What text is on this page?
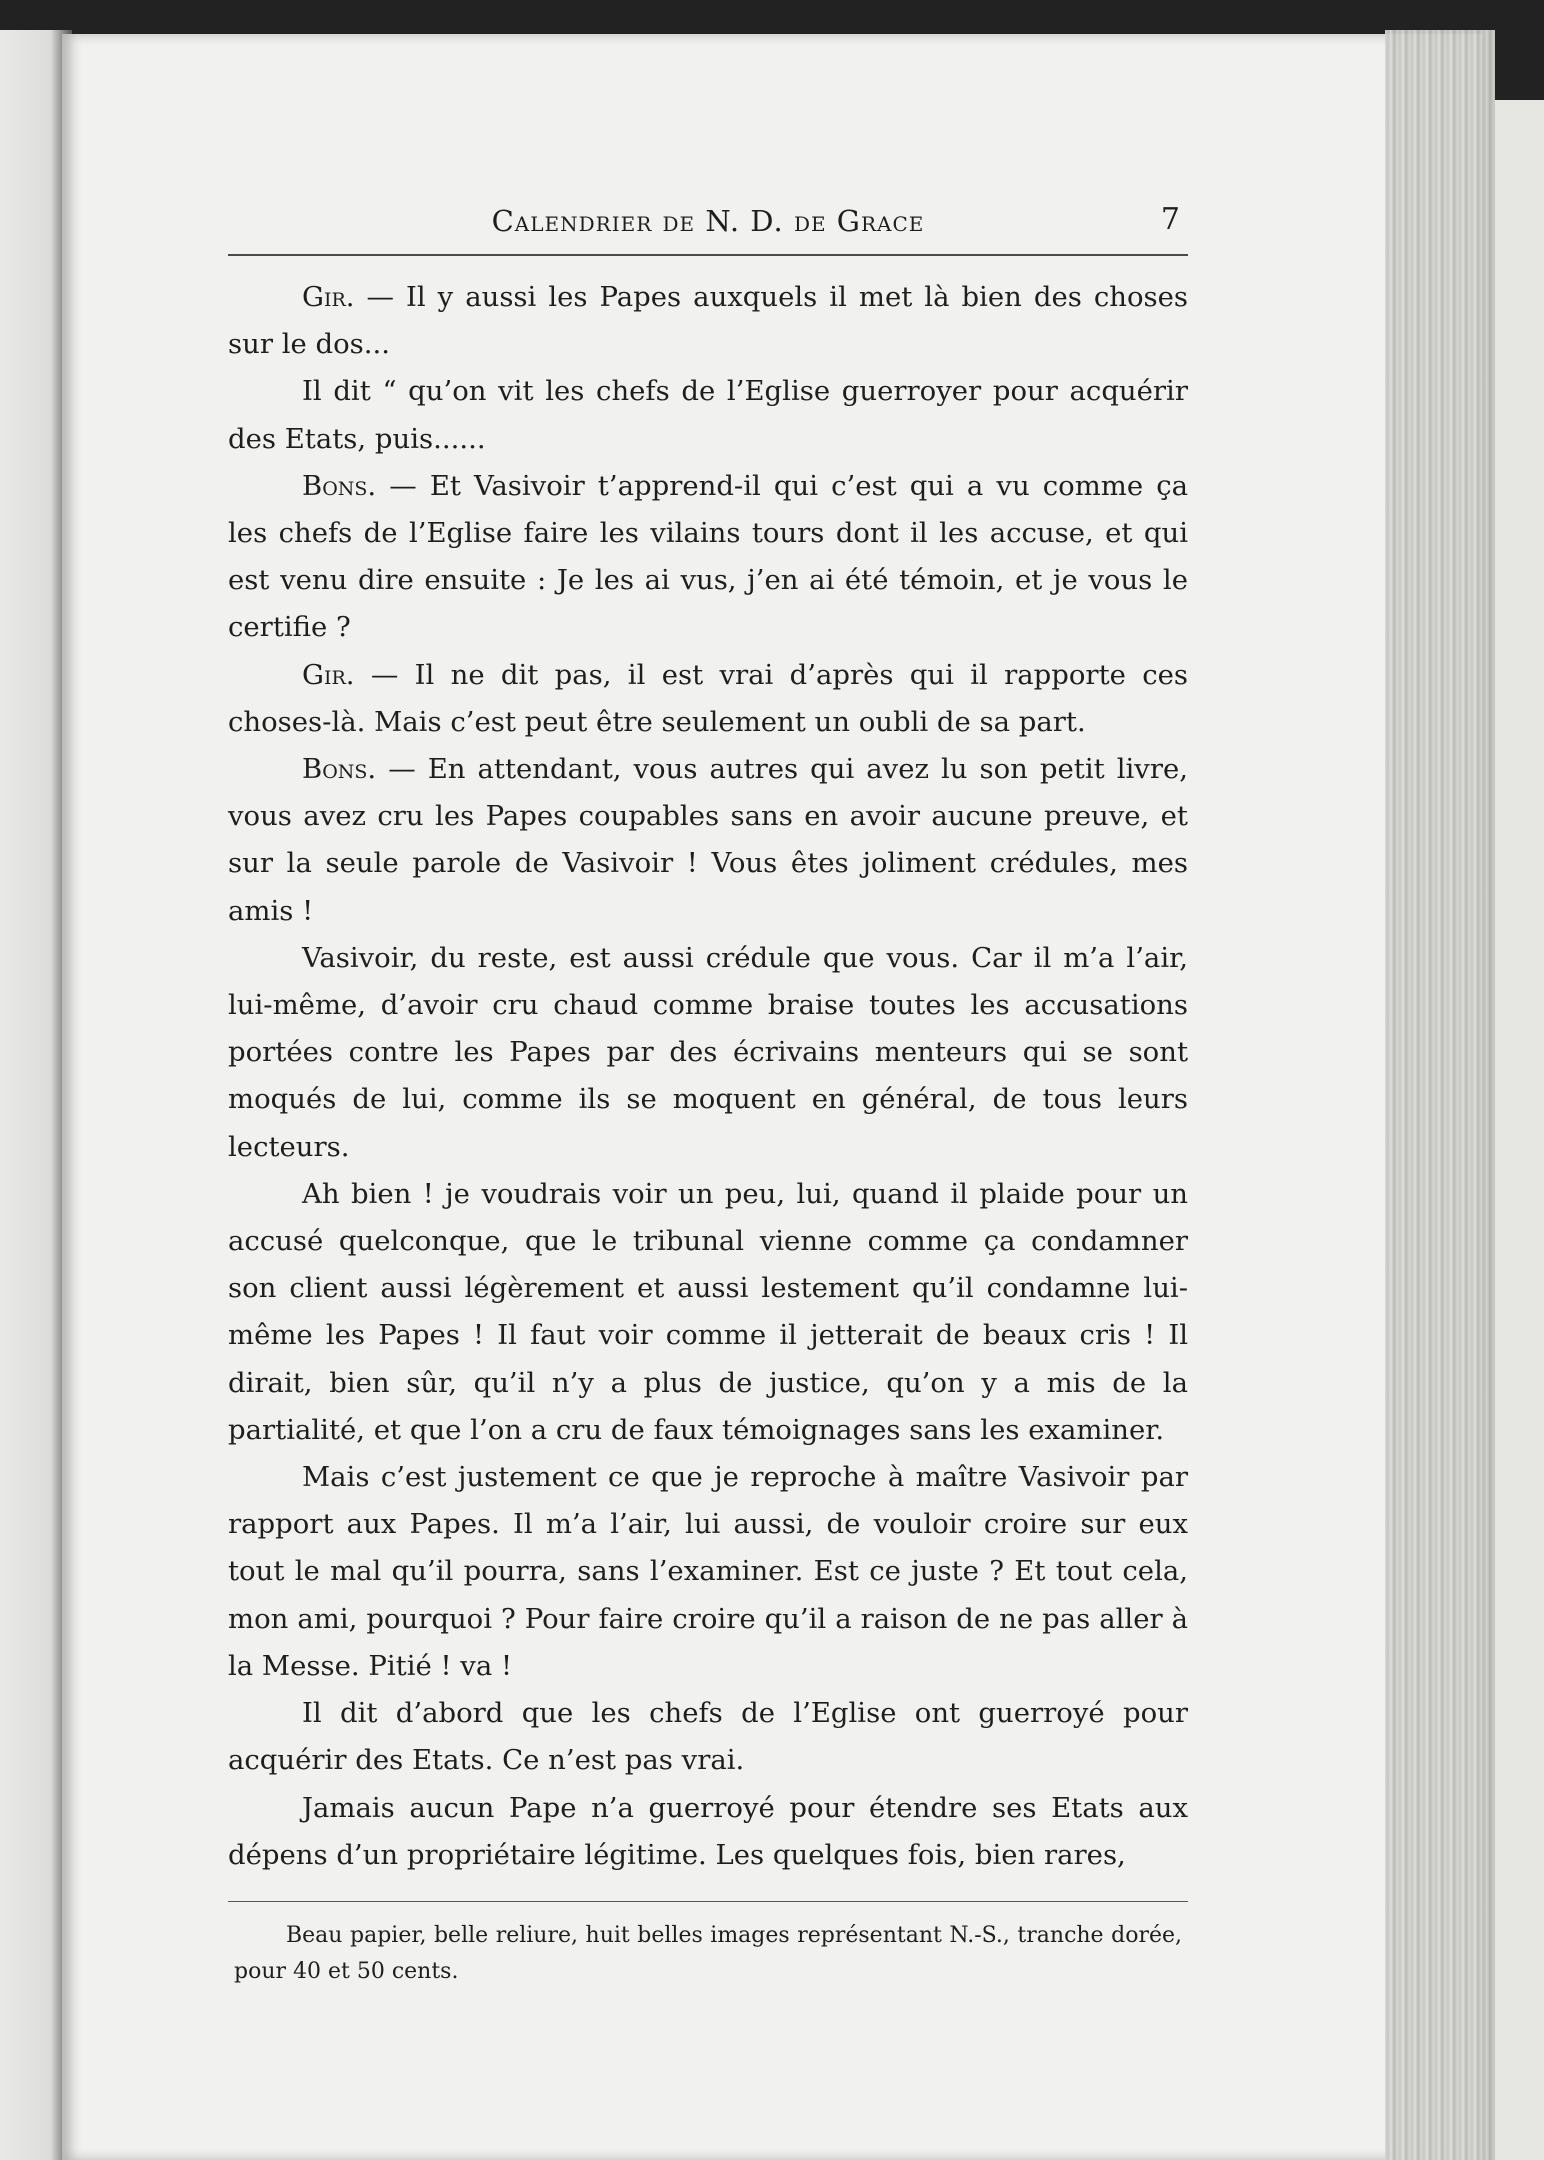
Calendrier de N. D. de Grace	7

Gir. — Il y aussi les Papes auxquels il met là bien des choses sur le dos...

Il dit “ qu’on vit les chefs de l’Eglise guerroyer pour acquérir des Etats, puis......

Bons. — Et Vasivoir t’apprend-il qui c’est qui a vu comme ça les chefs de l’Eglise faire les vilains tours dont il les accuse, et qui est venu dire ensuite : Je les ai vus, j’en ai été témoin, et je vous le certifie ?

Gir. — Il ne dit pas, il est vrai d’après qui il rapporte ces choses-là. Mais c’est peut être seulement un oubli de sa part.

Bons. — En attendant, vous autres qui avez lu son petit livre, vous avez cru les Papes coupables sans en avoir aucune preuve, et sur la seule parole de Vasivoir ! Vous êtes joliment crédules, mes amis !

Vasivoir, du reste, est aussi crédule que vous. Car il m’a l’air, lui-même, d’avoir cru chaud comme braise toutes les accusations portées contre les Papes par des écrivains menteurs qui se sont moqués de lui, comme ils se moquent en général, de tous leurs lecteurs.

Ah bien ! je voudrais voir un peu, lui, quand il plaide pour un accusé quelconque, que le tribunal vienne comme ça condamner son client aussi légèrement et aussi lestement qu’il condamne lui-même les Papes ! Il faut voir comme il jetterait de beaux cris ! Il dirait, bien sûr, qu’il n’y a plus de justice, qu’on y a mis de la partialité, et que l’on a cru de faux témoignages sans les examiner.

Mais c’est justement ce que je reproche à maître Vasivoir par rapport aux Papes. Il m’a l’air, lui aussi, de vouloir croire sur eux tout le mal qu’il pourra, sans l’examiner. Est ce juste ? Et tout cela, mon ami, pourquoi ? Pour faire croire qu’il a raison de ne pas aller à la Messe. Pitié ! va !

Il dit d’abord que les chefs de l’Eglise ont guerroyé pour acquérir des Etats. Ce n’est pas vrai.

Jamais aucun Pape n’a guerroyé pour étendre ses Etats aux dépens d’un propriétaire légitime. Les quelques fois, bien rares,

Beau papier, belle reliure, huit belles images représentant N.-S., tranche dorée, pour 40 et 50 cents.
